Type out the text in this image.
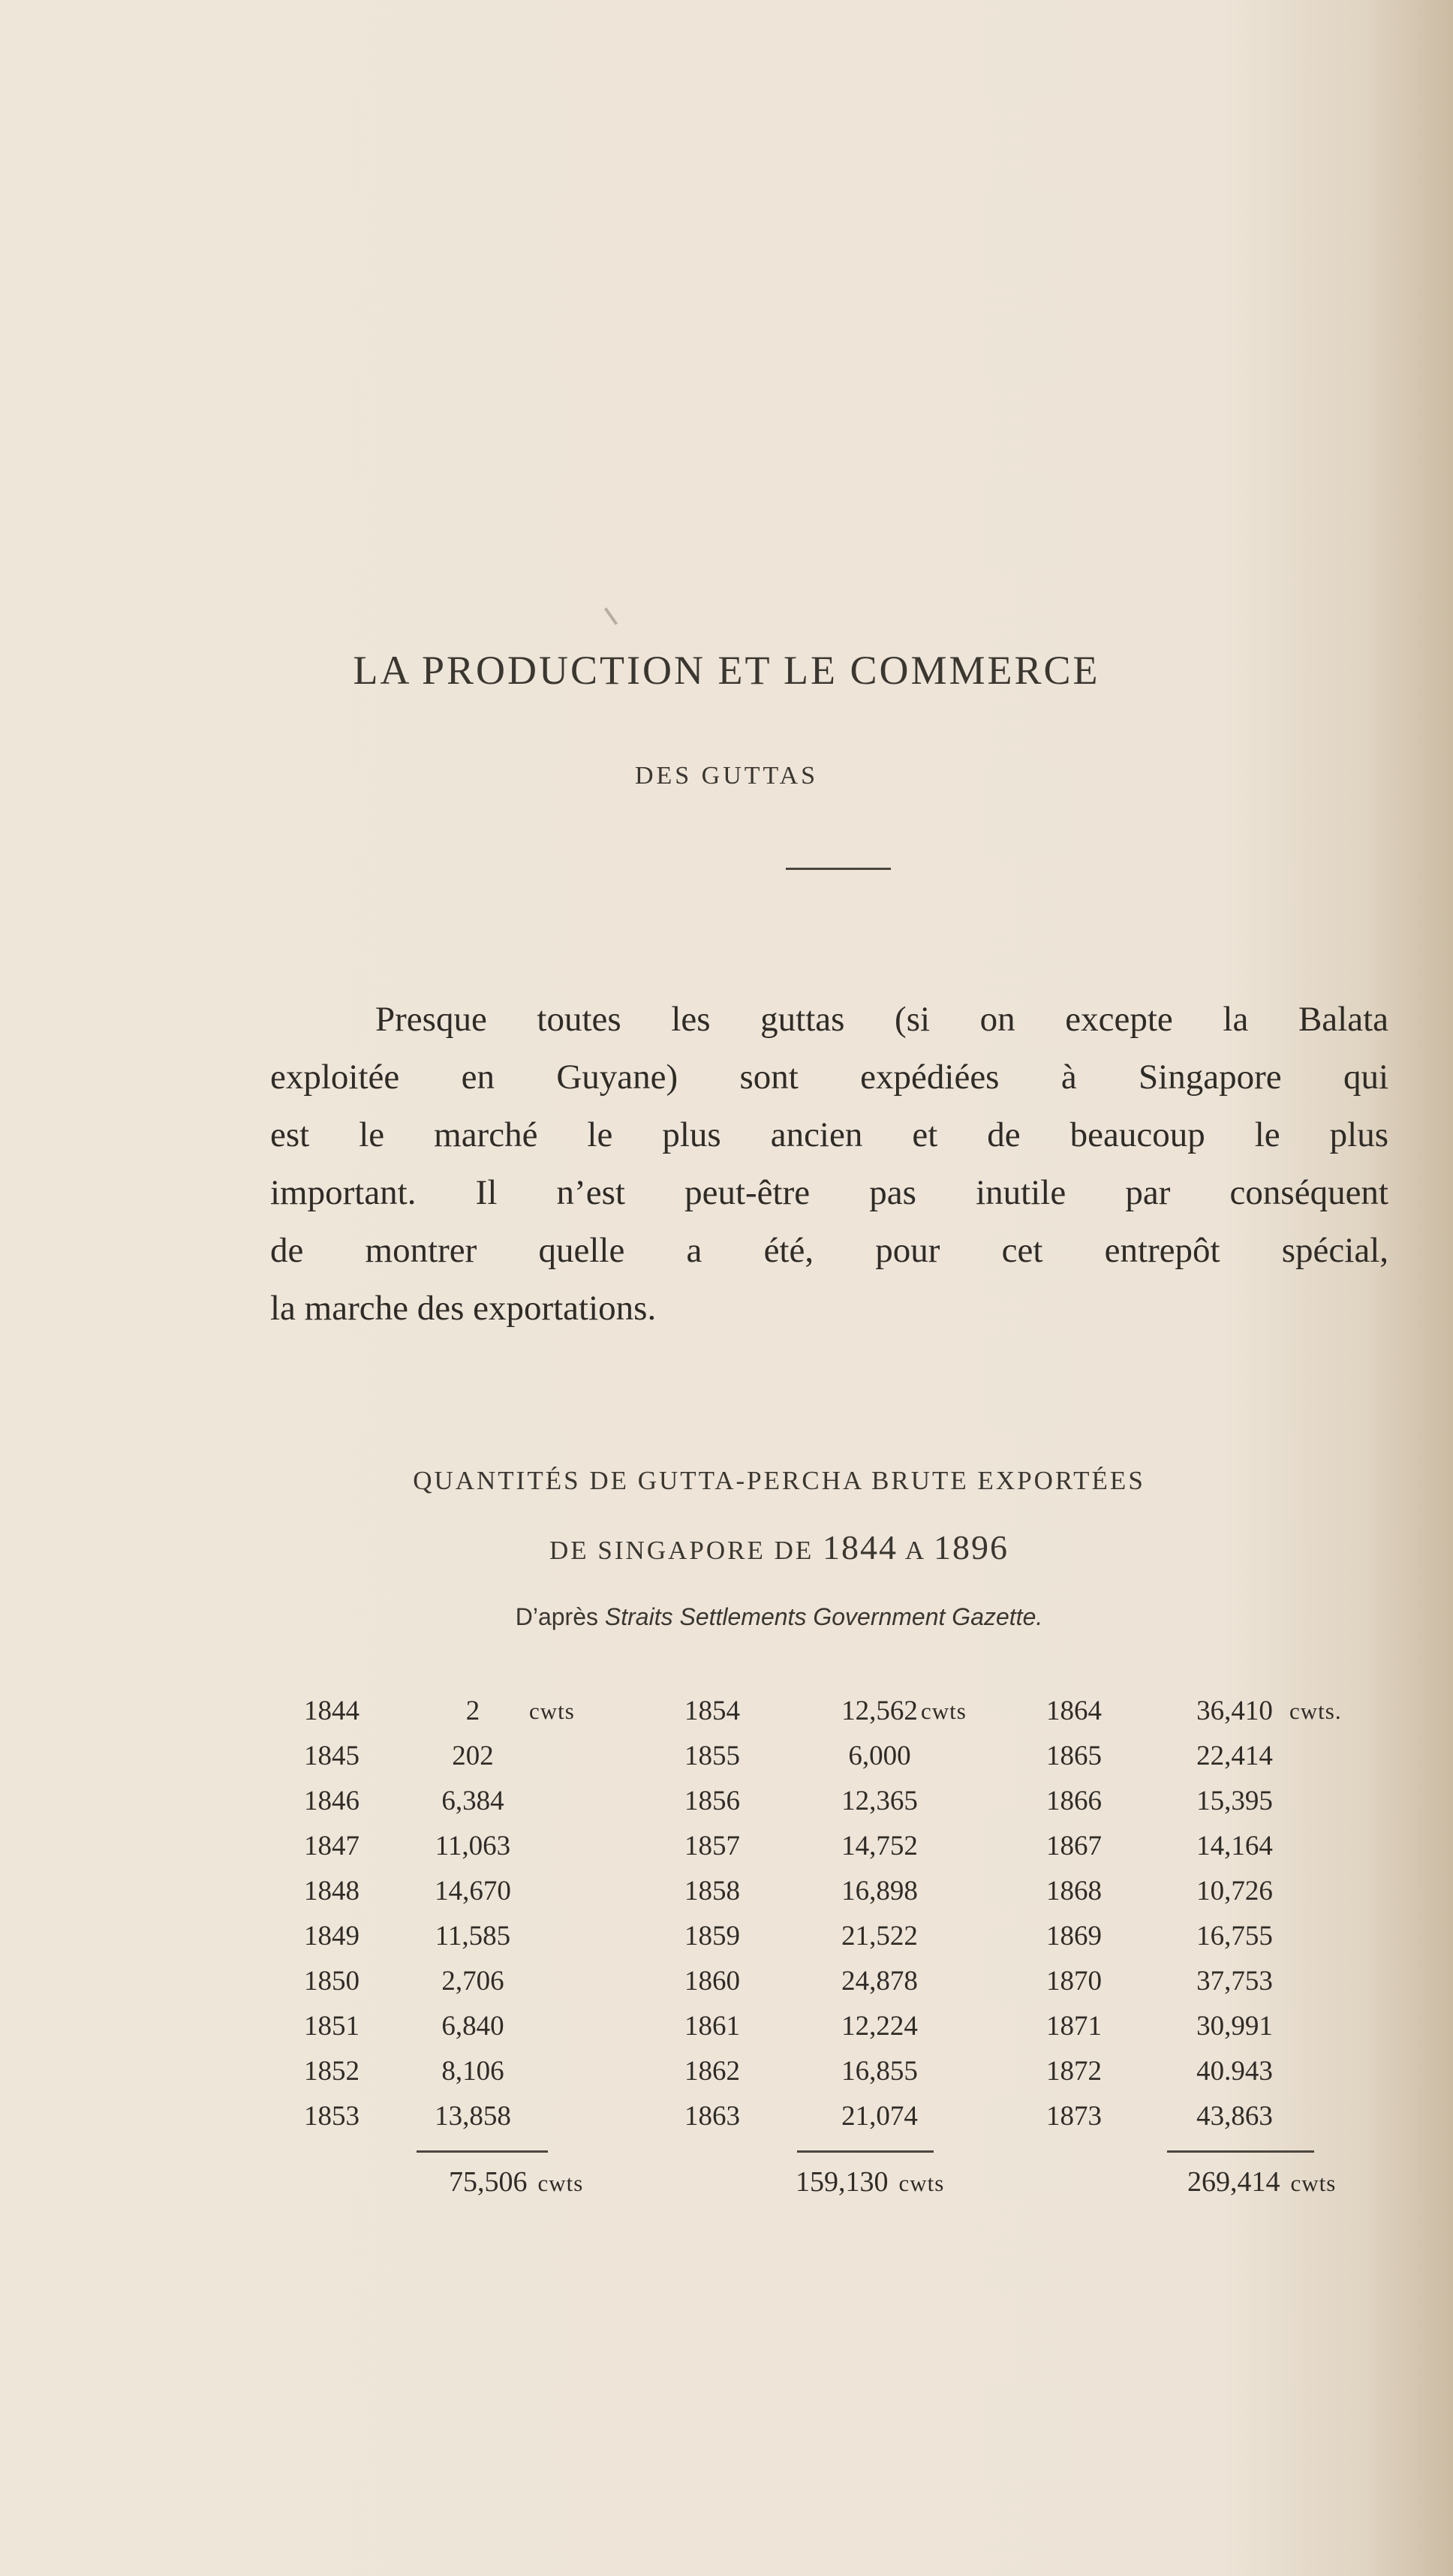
LA PRODUCTION ET LE COMMERCE
DES GUTTAS
Presque toutes les guttas (si on excepte la Balata
exploitée en Guyane) sont expédiées à Singapore qui
est le marché le plus ancien et de beaucoup le plus
important. Il n’est peut-être pas inutile par conséquent
de montrer quelle a été, pour cet entrepôt spécial,
la marche des exportations.
QUANTITÉS DE GUTTA-PERCHA BRUTE EXPORTÉES
DE SINGAPORE DE 1844 A 1896
D’après Straits Settlements Government Gazette.
1844	2	cwts
1845	202
1846	6,384
1847	11,063
1848	14,670
1849	11,585
1850	2,706
1851	6,840
1852	8,106
1853	13,858
75,506 cwts
1854	12,562 cwts
1855	6,000
1856	12,365
1857	14,752
1858	16,898
1859	21,522
1860	24,878
1861	12,224
1862	16,855
1863	21,074
159,130 cwts
1864	36,410 cwts.
1865	22,414
1866	15,395
1867	14,164
1868	10,726
1869	16,755
1870	37,753
1871	30,991
1872	40.943
1873	43,863
269,414 cwts
